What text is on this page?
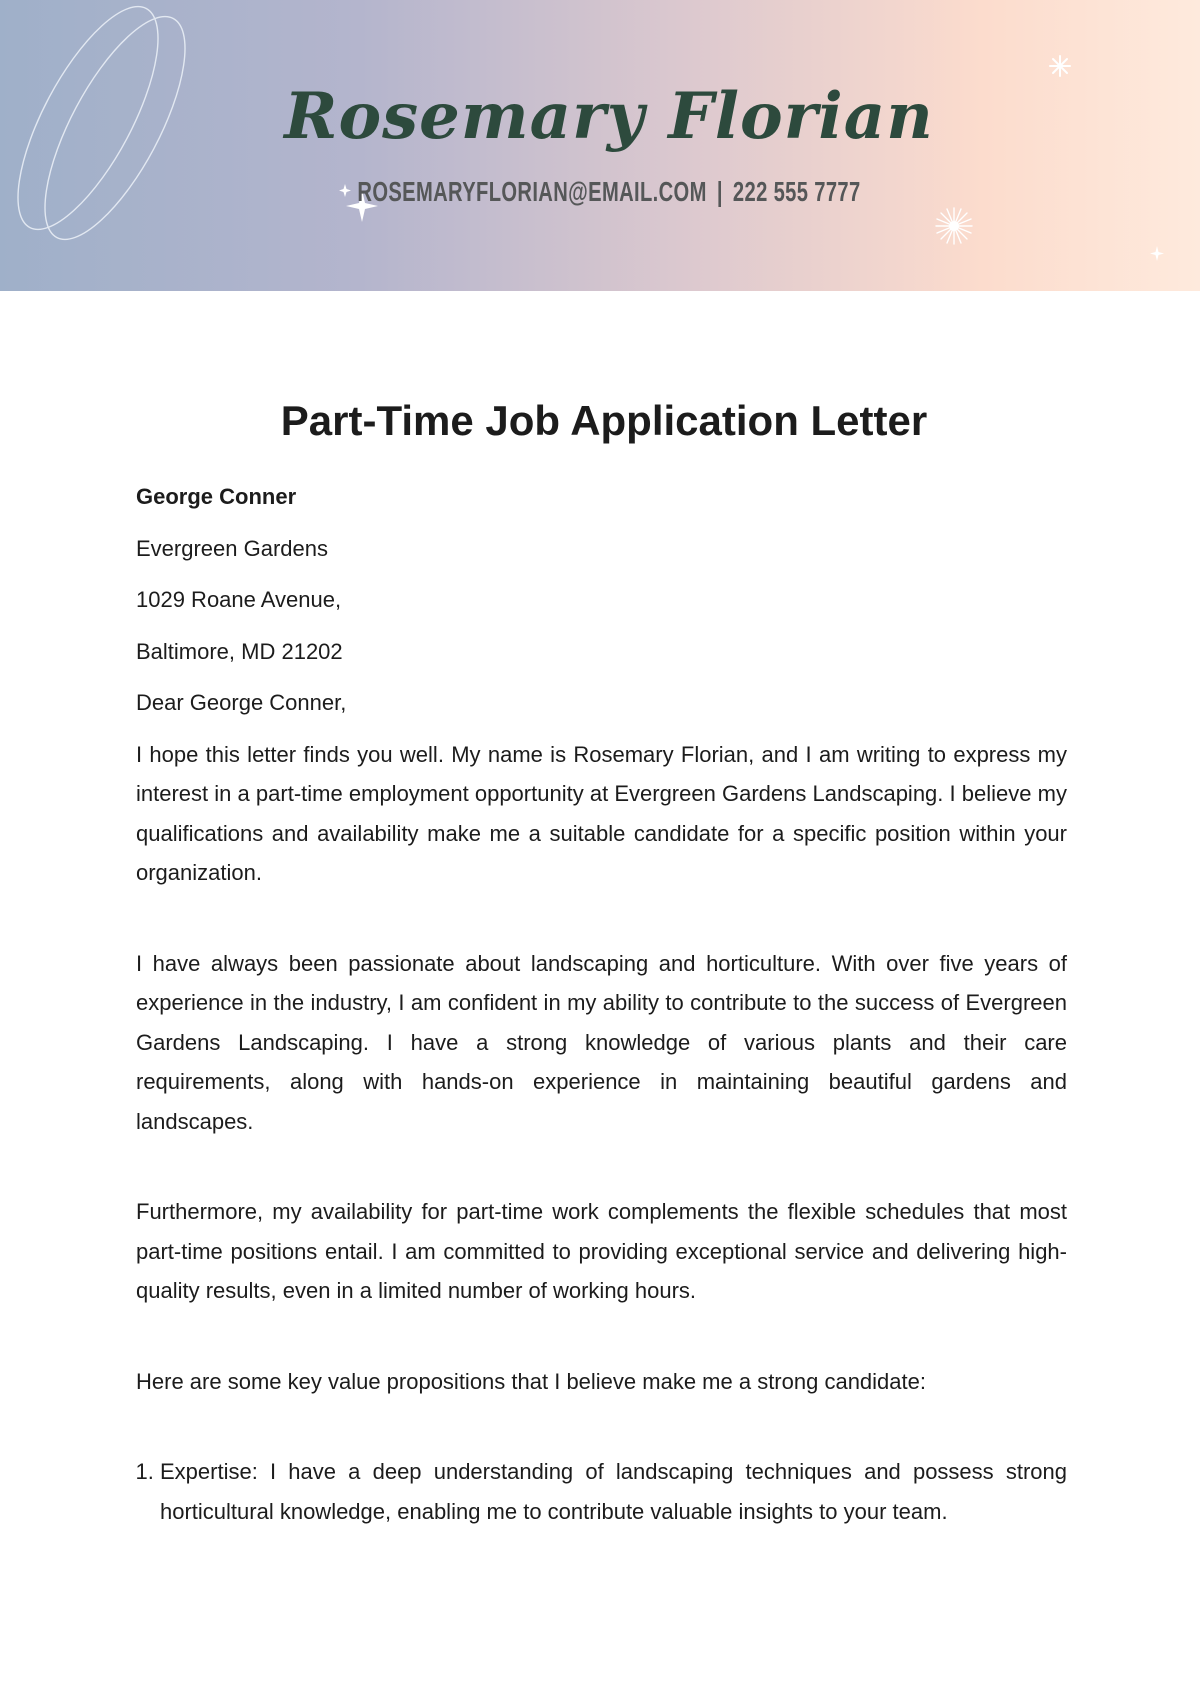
Rosemary Florian
ROSEMARYFLORIAN@EMAIL.COM | 222 555 7777
Part-Time Job Application Letter

George Conner

Evergreen Gardens

1029 Roane Avenue,

Baltimore, MD 21202

Dear George Conner,

I hope this letter finds you well. My name is Rosemary Florian, and I am writing to express my interest in a part-time employment opportunity at Evergreen Gardens Landscaping. I believe my qualifications and availability make me a suitable candidate for a specific position within your organization.

I have always been passionate about landscaping and horticulture. With over five years of experience in the industry, I am confident in my ability to contribute to the success of Evergreen Gardens Landscaping. I have a strong knowledge of various plants and their care requirements, along with hands-on experience in maintaining beautiful gardens and landscapes.

Furthermore, my availability for part-time work complements the flexible schedules that most part-time positions entail. I am committed to providing exceptional service and delivering high-quality results, even in a limited number of working hours.

Here are some key value propositions that I believe make me a strong candidate:

1. Expertise: I have a deep understanding of landscaping techniques and possess strong horticultural knowledge, enabling me to contribute valuable insights to your team.
